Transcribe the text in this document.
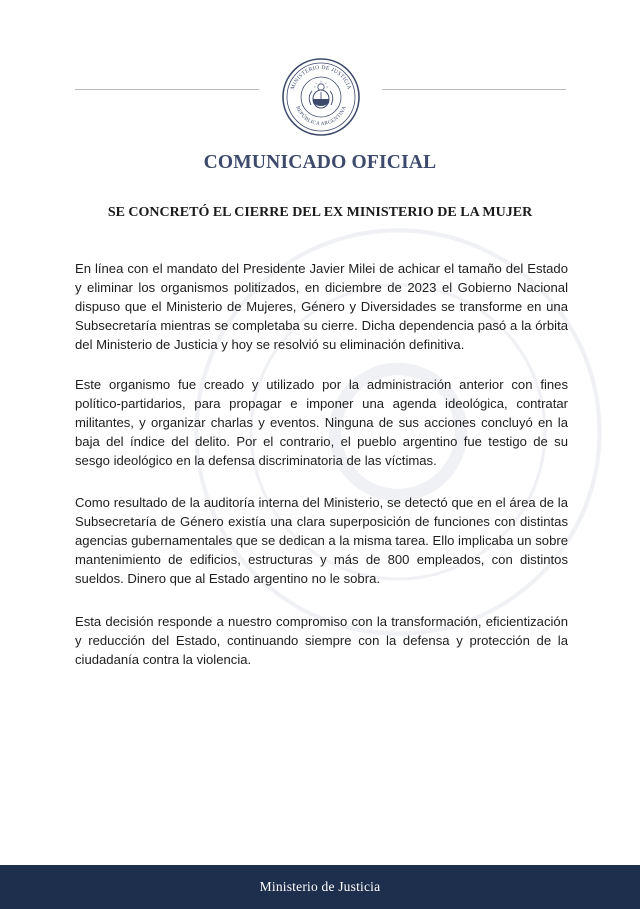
MINISTERIO DE JUSTICIA
REPÚBLICA ARGENTINA
COMUNICADO OFICIAL
SE CONCRETÓ EL CIERRE DEL EX MINISTERIO DE LA MUJER

En línea con el mandato del Presidente Javier Milei de achicar el tamaño del Estado y eliminar los organismos politizados, en diciembre de 2023 el Gobierno Nacional dispuso que el Ministerio de Mujeres, Género y Diversidades se transforme en una Subsecretaría mientras se completaba su cierre. Dicha dependencia pasó a la órbita del Ministerio de Justicia y hoy se resolvió su eliminación definitiva.

Este organismo fue creado y utilizado por la administración anterior con fines político-partidarios, para propagar e imponer una agenda ideológica, contratar militantes, y organizar charlas y eventos. Ninguna de sus acciones concluyó en la baja del índice del delito. Por el contrario, el pueblo argentino fue testigo de su sesgo ideológico en la defensa discriminatoria de las víctimas.

Como resultado de la auditoría interna del Ministerio, se detectó que en el área de la Subsecretaría de Género existía una clara superposición de funciones con distintas agencias gubernamentales que se dedican a la misma tarea. Ello implicaba un sobre mantenimiento de edificios, estructuras y más de 800 empleados, con distintos sueldos. Dinero que al Estado argentino no le sobra.

Esta decisión responde a nuestro compromiso con la transformación, eficientización y reducción del Estado, continuando siempre con la defensa y protección de la ciudadanía contra la violencia.

Ministerio de Justicia
